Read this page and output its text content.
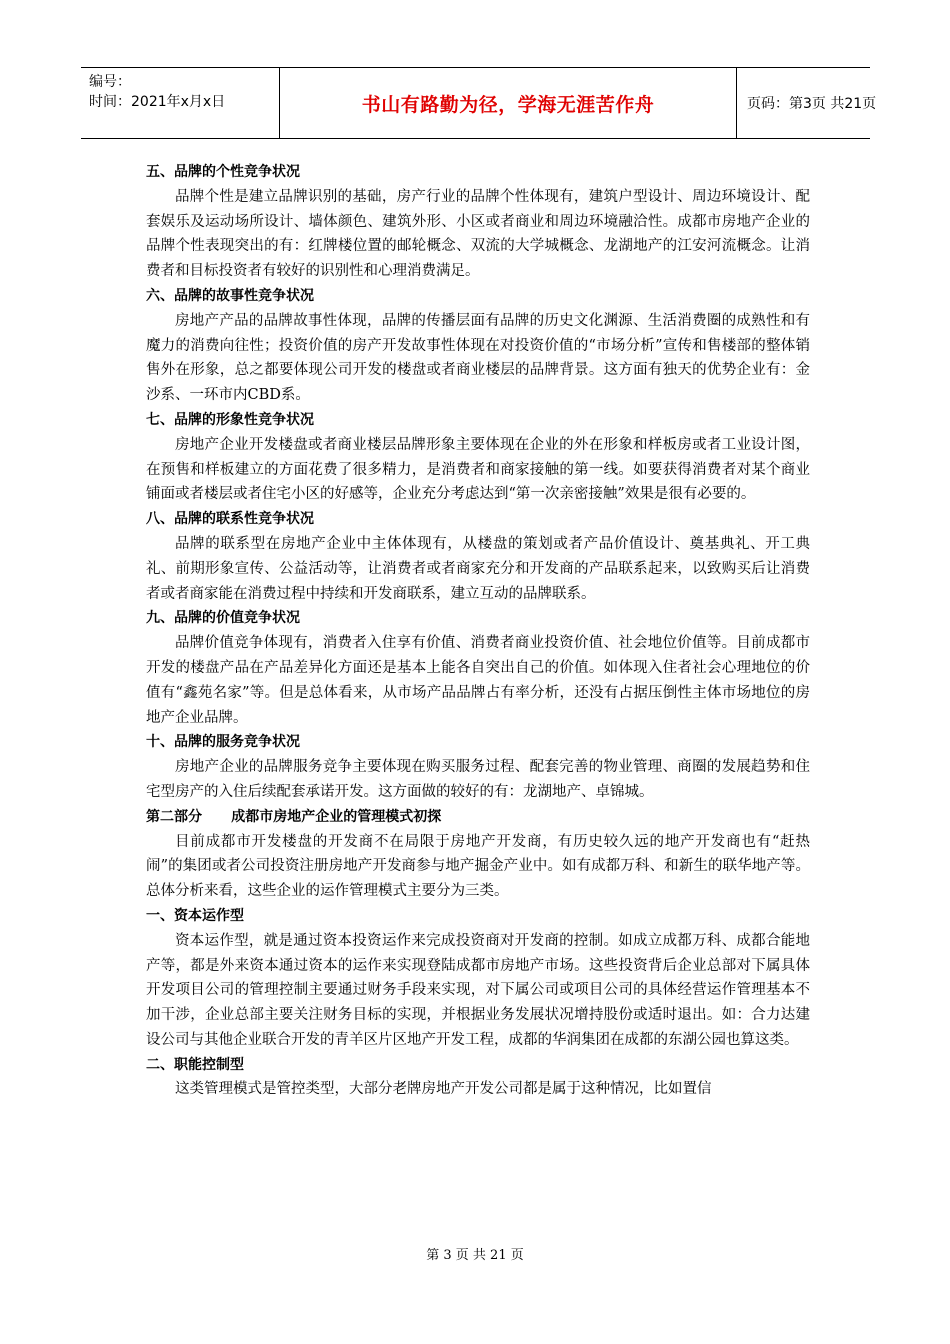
编号：
时间：2021年x月x日	书山有路勤为径，学海无涯苦作舟	页码：第3页 共21页

五、品牌的个性竞争状况

品牌个性是建立品牌识别的基础，房产行业的品牌个性体现有，建筑户型设计、周边环境设计、配套娱乐及运动场所设计、墙体颜色、建筑外形、小区或者商业和周边环境融洽性。成都市房地产企业的品牌个性表现突出的有：红牌楼位置的邮轮概念、双流的大学城概念、龙湖地产的江安河流概念。让消费者和目标投资者有较好的识别性和心理消费满足。

六、品牌的故事性竞争状况

房地产产品的品牌故事性体现，品牌的传播层面有品牌的历史文化渊源、生活消费圈的成熟性和有魔力的消费向往性；投资价值的房产开发故事性体现在对投资价值的“市场分析”宣传和售楼部的整体销售外在形象，总之都要体现公司开发的楼盘或者商业楼层的品牌背景。这方面有独天的优势企业有：金沙系、一环市内CBD系。

七、品牌的形象性竞争状况

房地产企业开发楼盘或者商业楼层品牌形象主要体现在企业的外在形象和样板房或者工业设计图，在预售和样板建立的方面花费了很多精力，是消费者和商家接触的第一线。如要获得消费者对某个商业铺面或者楼层或者住宅小区的好感等，企业充分考虑达到“第一次亲密接触”效果是很有必要的。

八、品牌的联系性竞争状况

品牌的联系型在房地产企业中主体体现有，从楼盘的策划或者产品价值设计、奠基典礼、开工典礼、前期形象宣传、公益活动等，让消费者或者商家充分和开发商的产品联系起来，以致购买后让消费者或者商家能在消费过程中持续和开发商联系，建立互动的品牌联系。

九、品牌的价值竞争状况

品牌价值竞争体现有，消费者入住享有价值、消费者商业投资价值、社会地位价值等。目前成都市开发的楼盘产品在产品差异化方面还是基本上能各自突出自己的价值。如体现入住者社会心理地位的价值有“鑫苑名家”等。但是总体看来，从市场产品品牌占有率分析，还没有占据压倒性主体市场地位的房地产企业品牌。

十、品牌的服务竞争状况

房地产企业的品牌服务竞争主要体现在购买服务过程、配套完善的物业管理、商圈的发展趋势和住宅型房产的入住后续配套承诺开发。这方面做的较好的有：龙湖地产、卓锦城。

第二部分      成都市房地产企业的管理模式初探

目前成都市开发楼盘的开发商不在局限于房地产开发商，有历史较久远的地产开发商也有“赶热闹”的集团或者公司投资注册房地产开发商参与地产掘金产业中。如有成都万科、和新生的联华地产等。总体分析来看，这些企业的运作管理模式主要分为三类。

一、资本运作型

资本运作型，就是通过资本投资运作来完成投资商对开发商的控制。如成立成都万科、成都合能地产等，都是外来资本通过资本的运作来实现登陆成都市房地产市场。这些投资背后企业总部对下属具体开发项目公司的管理控制主要通过财务手段来实现，对下属公司或项目公司的具体经营运作管理基本不加干涉，企业总部主要关注财务目标的实现，并根据业务发展状况增持股份或适时退出。如：合力达建设公司与其他企业联合开发的青羊区片区地产开发工程，成都的华润集团在成都的东湖公园也算这类。

二、职能控制型

这类管理模式是管控类型，大部分老牌房地产开发公司都是属于这种情况，比如置信

第 3 页 共 21 页
